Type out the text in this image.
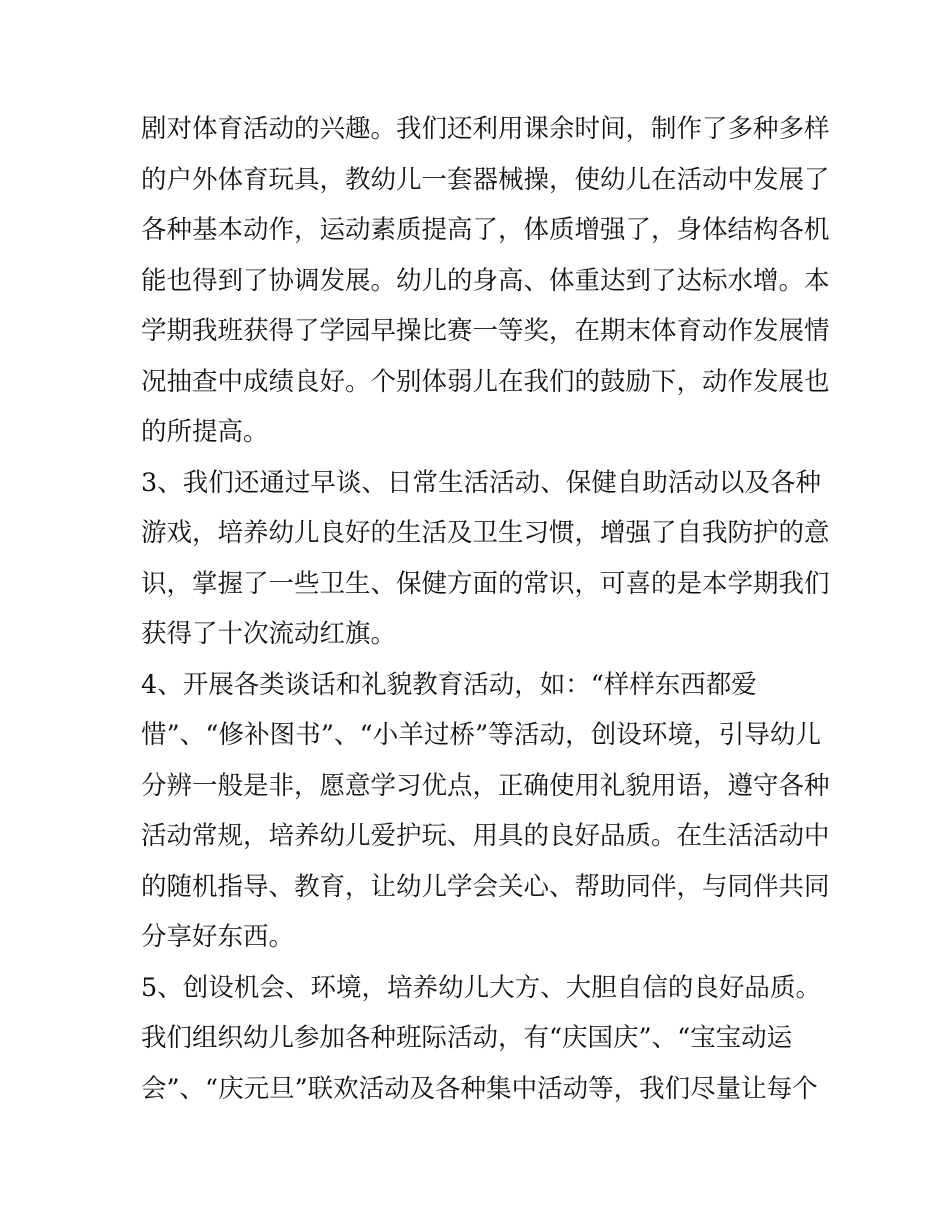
剧对体育活动的兴趣。我们还利用课余时间，制作了多种多样
的户外体育玩具，教幼儿一套器械操，使幼儿在活动中发展了
各种基本动作，运动素质提高了，体质增强了，身体结构各机
能也得到了协调发展。幼儿的身高、体重达到了达标水增。本
学期我班获得了学园早操比赛一等奖，在期末体育动作发展情
况抽查中成绩良好。个别体弱儿在我们的鼓励下，动作发展也
的所提高。
3、我们还通过早谈、日常生活活动、保健自助活动以及各种
游戏，培养幼儿良好的生活及卫生习惯，增强了自我防护的意
识，掌握了一些卫生、保健方面的常识，可喜的是本学期我们
获得了十次流动红旗。
4、开展各类谈话和礼貌教育活动，如：“样样东西都爱
惜”、“修补图书”、“小羊过桥”等活动，创设环境，引导幼儿
分辨一般是非，愿意学习优点，正确使用礼貌用语，遵守各种
活动常规，培养幼儿爱护玩、用具的良好品质。在生活活动中
的随机指导、教育，让幼儿学会关心、帮助同伴，与同伴共同
分享好东西。
5、创设机会、环境，培养幼儿大方、大胆自信的良好品质。
我们组织幼儿参加各种班际活动，有“庆国庆”、“宝宝动运
会”、“庆元旦”联欢活动及各种集中活动等，我们尽量让每个
